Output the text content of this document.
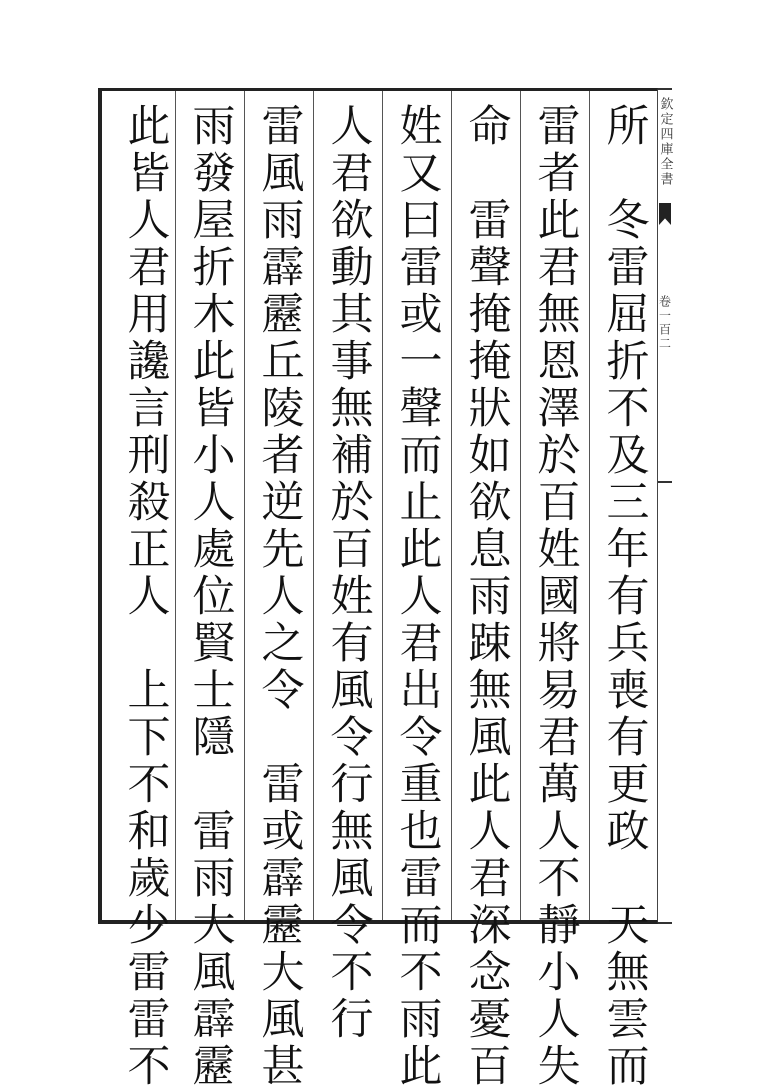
所　冬雷屈折不及三年有兵喪有更政　天無雲而
雷者此君無恩澤於百姓國將易君萬人不靜小人失
命　雷聲掩掩狀如欲息雨踈無風此人君深念憂百
姓又曰雷或一聲而止此人君出令重也雷而不雨此
人君欲動其事無補於百姓有風令行無風令不行
雷風雨霹靂丘陵者逆先人之令　雷或霹靂大風甚
雨發屋折木此皆小人處位賢士隱　雷雨大風霹靂
此皆人君用讒言刑殺正人　上下不和歲少雷雷不	欽定四庫全書
卷一百二
